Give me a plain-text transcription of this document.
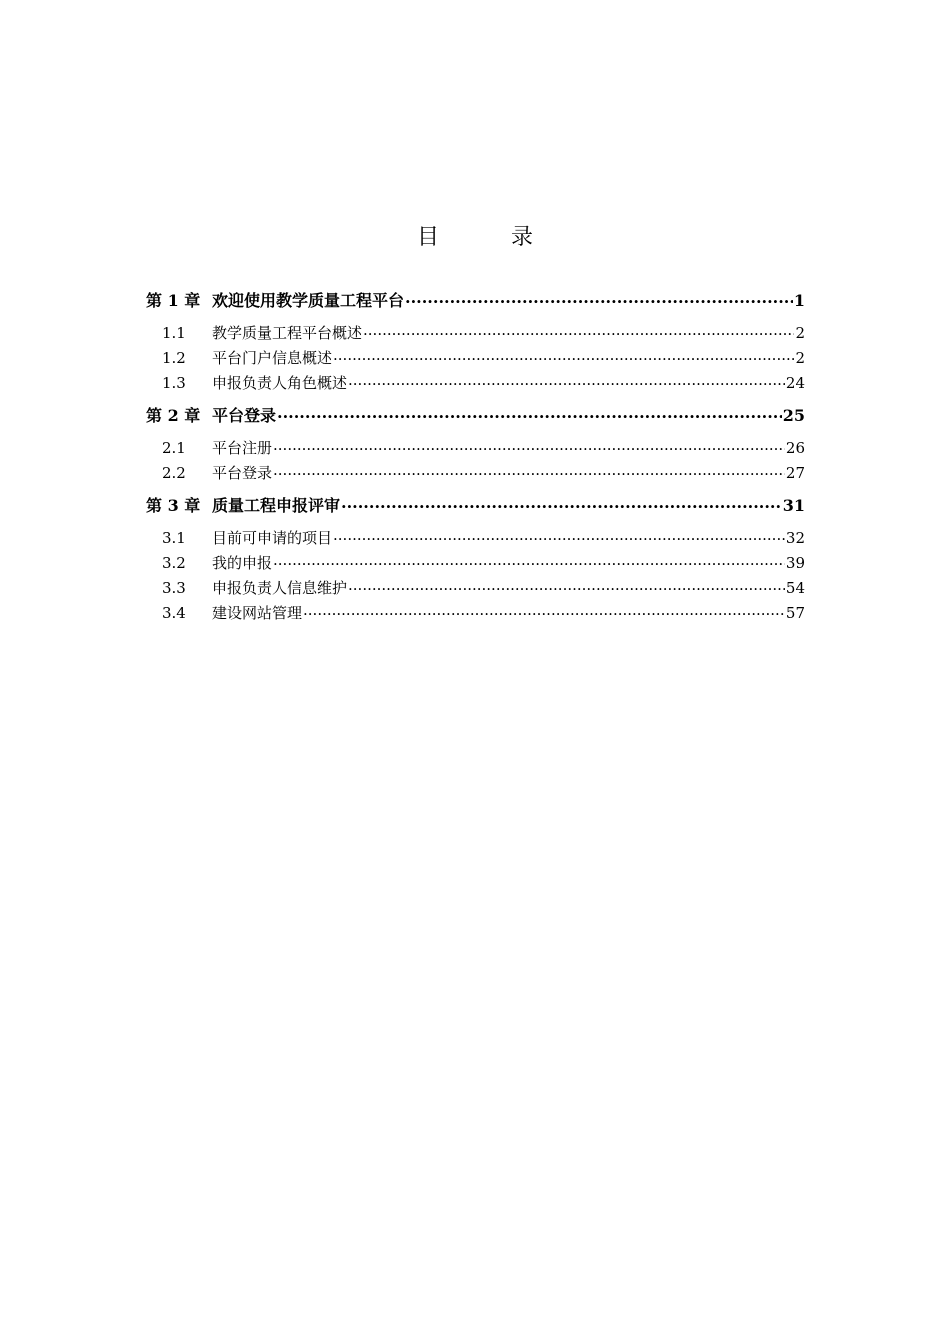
目录
第 1 章 欢迎使用教学质量工程平台 .....	1
1.1	教学质量工程平台概述 .....	2
1.2	平台门户信息概述 .....	2
1.3	申报负责人角色概述 .....	24
第 2 章 平台登录 .....	25
2.1	平台注册 .....	26
2.2	平台登录 .....	27
第 3 章 质量工程申报评审 .....	31
3.1	目前可申请的项目 .....	32
3.2	我的申报 .....	39
3.3	申报负责人信息维护 .....	54
3.4	建设网站管理 .....	57
